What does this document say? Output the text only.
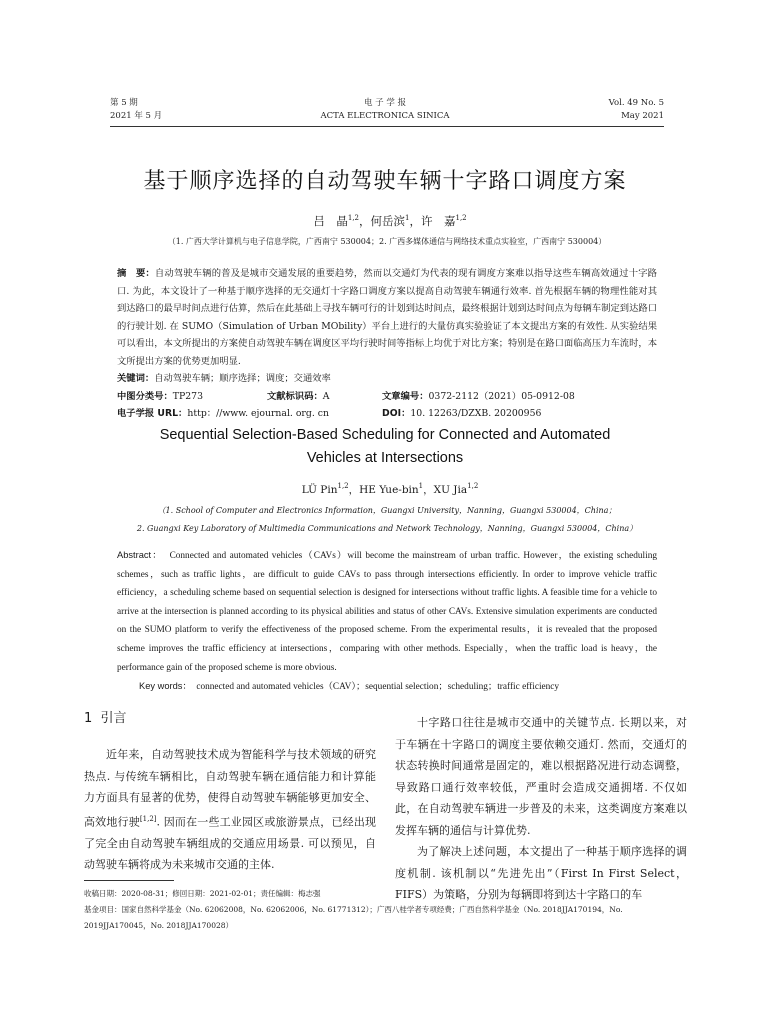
第 5 期
2021 年 5 月
电 子 学 报
ACTA ELECTRONICA SINICA
Vol. 49 No. 5
May 2021
基于顺序选择的自动驾驶车辆十字路口调度方案
吕　晶$^{1,2}$，何岳滨$^1$，许　嘉$^{1,2}$
（1. 广西大学计算机与电子信息学院，广西南宁 530004；2. 广西多媒体通信与网络技术重点实验室，广西南宁 530004）
摘　要：自动驾驶车辆的普及是城市交通发展的重要趋势，然而以交通灯为代表的现有调度方案难以指导这些车辆高效通过十字路口. 为此，本文设计了一种基于顺序选择的无交通灯十字路口调度方案以提高自动驾驶车辆通行效率. 首先根据车辆的物理性能对其到达路口的最早时间点进行估算，然后在此基础上寻找车辆可行的计划到达时间点，最终根据计划到达时间点为每辆车制定到达路口的行驶计划. 在 SUMO（Simulation of Urban MObility）平台上进行的大量仿真实验验证了本文提出方案的有效性. 从实验结果可以看出，本文所提出的方案使自动驾驶车辆在调度区平均行驶时间等指标上均优于对比方案；特别是在路口面临高压力车流时，本文所提出方案的优势更加明显.
关键词：自动驾驶车辆；顺序选择；调度；交通效率
中图分类号：TP273	文献标识码：A	文章编号：0372-2112（2021）05-0912-08
电子学报 URL：http：//www. ejournal. org. cn	DOI：10. 12263/DZXB. 20200956
Sequential Selection-Based Scheduling for Connected and Automated Vehicles at Intersections
LÜ Pin$^{1,2}$，HE Yue-bin$^1$，XU Jia$^{1,2}$
（1. School of Computer and Electronics Information，Guangxi University，Nanning，Guangxi 530004，China；
2. Guangxi Key Laboratory of Multimedia Communications and Network Technology，Nanning，Guangxi 530004，China）
Abstract： Connected and automated vehicles（CAVs）will become the mainstream of urban traffic. However，the existing scheduling schemes，such as traffic lights，are difficult to guide CAVs to pass through intersections efficiently. In order to improve vehicle traffic efficiency，a scheduling scheme based on sequential selection is designed for intersections without traffic lights. A feasible time for a vehicle to arrive at the intersection is planned according to its physical abilities and status of other CAVs. Extensive simulation experiments are conducted on the SUMO platform to verify the effectiveness of the proposed scheme. From the experimental results，it is revealed that the proposed scheme improves the traffic efficiency at intersections，comparing with other methods. Especially，when the traffic load is heavy，the performance gain of the proposed scheme is more obvious.
Key words： connected and automated vehicles（CAV）；sequential selection；scheduling；traffic efficiency
1 引言

近年来，自动驾驶技术成为智能科学与技术领域的研究热点. 与传统车辆相比，自动驾驶车辆在通信能力和计算能力方面具有显著的优势，使得自动驾驶车辆能够更加安全、高效地行驶[1,2]. 因而在一些工业园区或旅游景点，已经出现了完全由自动驾驶车辆组成的交通应用场景. 可以预见，自动驾驶车辆将成为未来城市交通的主体.

十字路口往往是城市交通中的关键节点. 长期以来，对于车辆在十字路口的调度主要依赖交通灯. 然而，交通灯的状态转换时间通常是固定的，难以根据路况进行动态调整，导致路口通行效率较低，严重时会造成交通拥堵. 不仅如此，在自动驾驶车辆进一步普及的未来，这类调度方案难以发挥车辆的通信与计算优势.

为了解决上述问题，本文提出了一种基于顺序选择的调度机制. 该机制以“先进先出”（First In First Select，FIFS）为策略，分别为每辆即将到达十字路口的车

收稿日期：2020-08-31；修回日期：2021-02-01；责任编辑：梅志强
基金项目：国家自然科学基金（No. 62062008，No. 62062006，No. 61771312）；广西八桂学者专项经费；广西自然科学基金（No. 2018JJA170194，No.
2019JJA170045，No. 2018JJA170028）
